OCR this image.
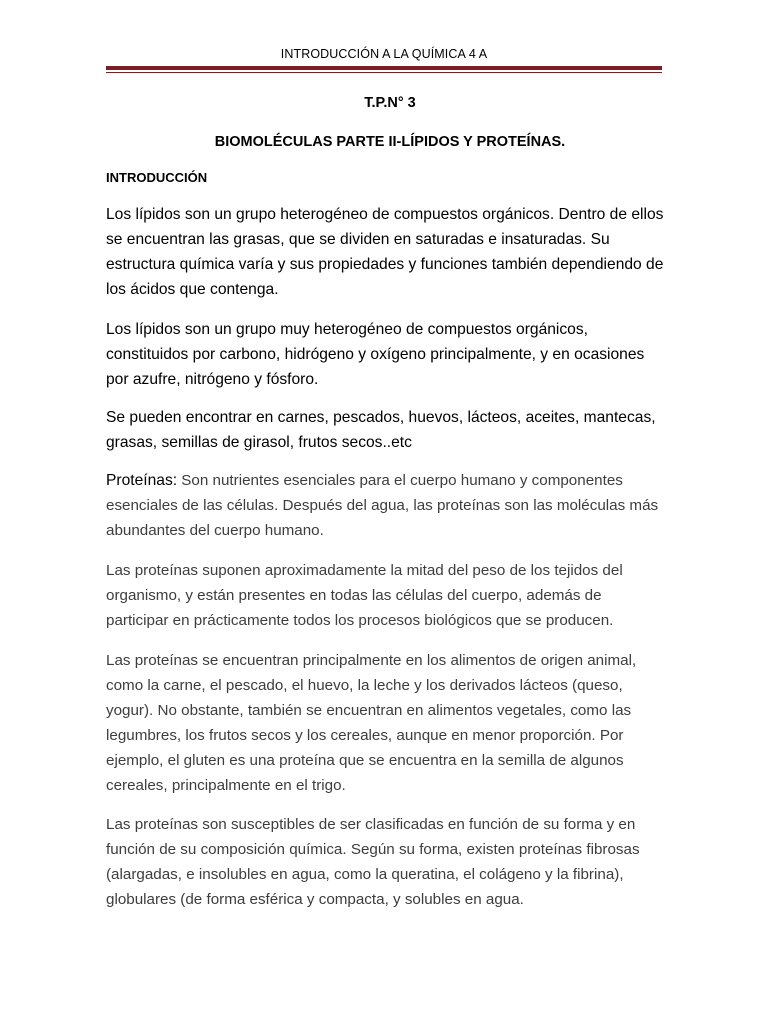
INTRODUCCIÓN A LA QUÍMICA 4 A
T.P.N° 3
BIOMOLÉCULAS PARTE II-LÍPIDOS Y PROTEÍNAS.
INTRODUCCIÓN

Los lípidos son un grupo heterogéneo de compuestos orgánicos. Dentro de ellos se encuentran las grasas, que se dividen en saturadas e insaturadas. Su estructura química varía y sus propiedades y funciones también dependiendo de los ácidos que contenga.

Los lípidos son un grupo muy heterogéneo de compuestos orgánicos, constituidos por carbono, hidrógeno y oxígeno principalmente, y en ocasiones por azufre, nitrógeno y fósforo.

Se pueden encontrar en carnes, pescados, huevos, lácteos, aceites, mantecas, grasas, semillas de girasol, frutos secos..etc

Proteínas: Son nutrientes esenciales para el cuerpo humano y componentes esenciales de las células. Después del agua, las proteínas son las moléculas más abundantes del cuerpo humano.

Las proteínas suponen aproximadamente la mitad del peso de los tejidos del organismo, y están presentes en todas las células del cuerpo, además de participar en prácticamente todos los procesos biológicos que se producen.

Las proteínas se encuentran principalmente en los alimentos de origen animal, como la carne, el pescado, el huevo, la leche y los derivados lácteos (queso, yogur). No obstante, también se encuentran en alimentos vegetales, como las legumbres, los frutos secos y los cereales, aunque en menor proporción. Por ejemplo, el gluten es una proteína que se encuentra en la semilla de algunos cereales, principalmente en el trigo.

Las proteínas son susceptibles de ser clasificadas en función de su forma y en función de su composición química. Según su forma, existen proteínas fibrosas (alargadas, e insolubles en agua, como la queratina, el colágeno y la fibrina), globulares (de forma esférica y compacta, y solubles en agua.
